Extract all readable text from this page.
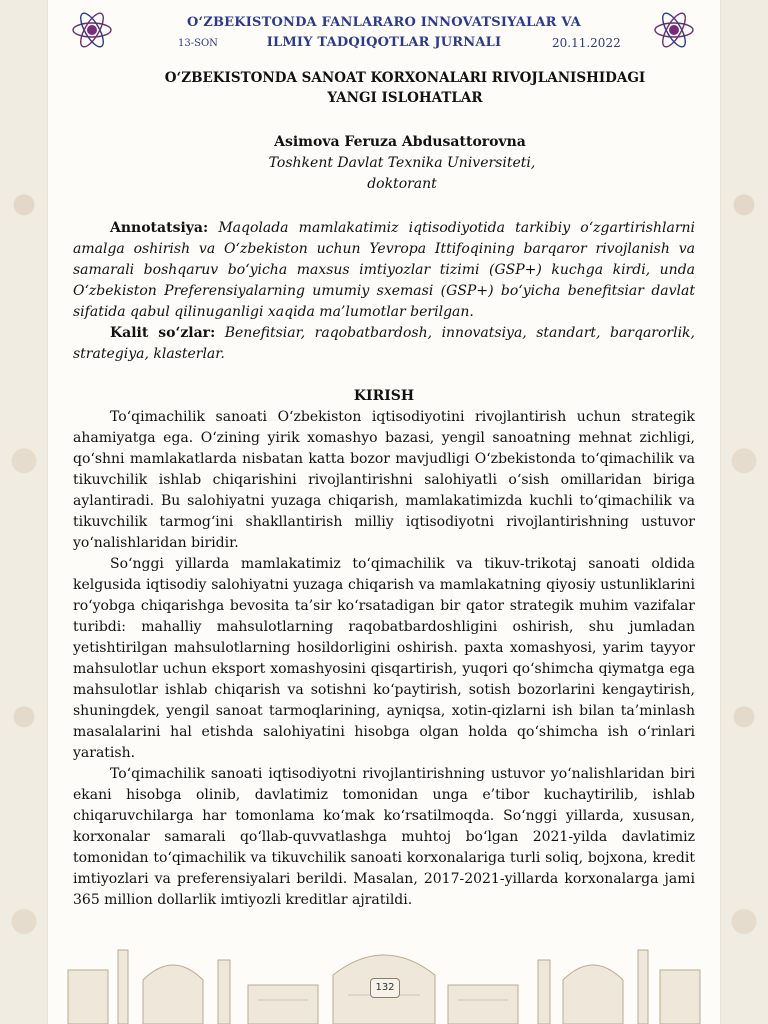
O‘ZBEKISTONDA FANLARARO INNOVATSIYALAR VA
ILMIY TADQIQOTLAR JURNALI
13-SON	20.11.2022
O‘ZBEKISTONDA SANOAT KORXONALARI RIVOJLANISHIDAGI YANGI ISLOHATLAR
Asimova Feruza Abdusattorovna
Toshkent Davlat Texnika Universiteti,
doktorant

Annotatsiya: Maqolada mamlakatimiz iqtisodiyotida tarkibiy o‘zgartirishlarni amalga oshirish va O‘zbekiston uchun Yevropa Ittifoqining barqaror rivojlanish va samarali boshqaruv bo‘yicha maxsus imtiyozlar tizimi (GSP+) kuchga kirdi, unda O‘zbekiston Preferensiyalarning umumiy sxemasi (GSP+) bo‘yicha benefitsiar davlat sifatida qabul qilinuganligi xaqida ma’lumotlar berilgan.

Kalit so‘zlar: Benefitsiar, raqobatbardosh, innovatsiya, standart, barqarorlik, strategiya, klasterlar.

KIRISH

To‘qimachilik sanoati O‘zbekiston iqtisodiyotini rivojlantirish uchun strategik ahamiyatga ega. O‘zining yirik xomashyo bazasi, yengil sanoatning mehnat zichligi, qo‘shni mamlakatlarda nisbatan katta bozor mavjudligi O‘zbekistonda to‘qimachilik va tikuvchilik ishlab chiqarishini rivojlantirishni salohiyatli o‘sish omillaridan biriga aylantiradi. Bu salohiyatni yuzaga chiqarish, mamlakatimizda kuchli to‘qimachilik va tikuvchilik tarmog‘ini shakllantirish milliy iqtisodiyotni rivojlantirishning ustuvor yo‘nalishlaridan biridir.

So‘nggi yillarda mamlakatimiz to‘qimachilik va tikuv-trikotaj sanoati oldida kelgusida iqtisodiy salohiyatni yuzaga chiqarish va mamlakatning qiyosiy ustunliklarini ro‘yobga chiqarishga bevosita ta’sir ko‘rsatadigan bir qator strategik muhim vazifalar turibdi: mahalliy mahsulotlarning raqobatbardoshligini oshirish, shu jumladan yetishtirilgan mahsulotlarning hosildorligini oshirish. paxta xomashyosi, yarim tayyor mahsulotlar uchun eksport xomashyosini qisqartirish, yuqori qo‘shimcha qiymatga ega mahsulotlar ishlab chiqarish va sotishni ko‘paytirish, sotish bozorlarini kengaytirish, shuningdek, yengil sanoat tarmoqlarining, ayniqsa, xotin-qizlarni ish bilan ta’minlash masalalarini hal etishda salohiyatini hisobga olgan holda qo‘shimcha ish o‘rinlari yaratish.

To‘qimachilik sanoati iqtisodiyotni rivojlantirishning ustuvor yo‘nalishlaridan biri ekani hisobga olinib, davlatimiz tomonidan unga e’tibor kuchaytirilib, ishlab chiqaruvchilarga har tomonlama ko‘mak ko‘rsatilmoqda. So‘nggi yillarda, xususan, korxonalar samarali qo‘llab-quvvatlashga muhtoj bo‘lgan 2021-yilda davlatimiz tomonidan to‘qimachilik va tikuvchilik sanoati korxonalariga turli soliq, bojxona, kredit imtiyozlari va preferensiyalari berildi. Masalan, 2017-2021-yillarda korxonalarga jami 365 million dollarlik imtiyozli kreditlar ajratildi.

132
